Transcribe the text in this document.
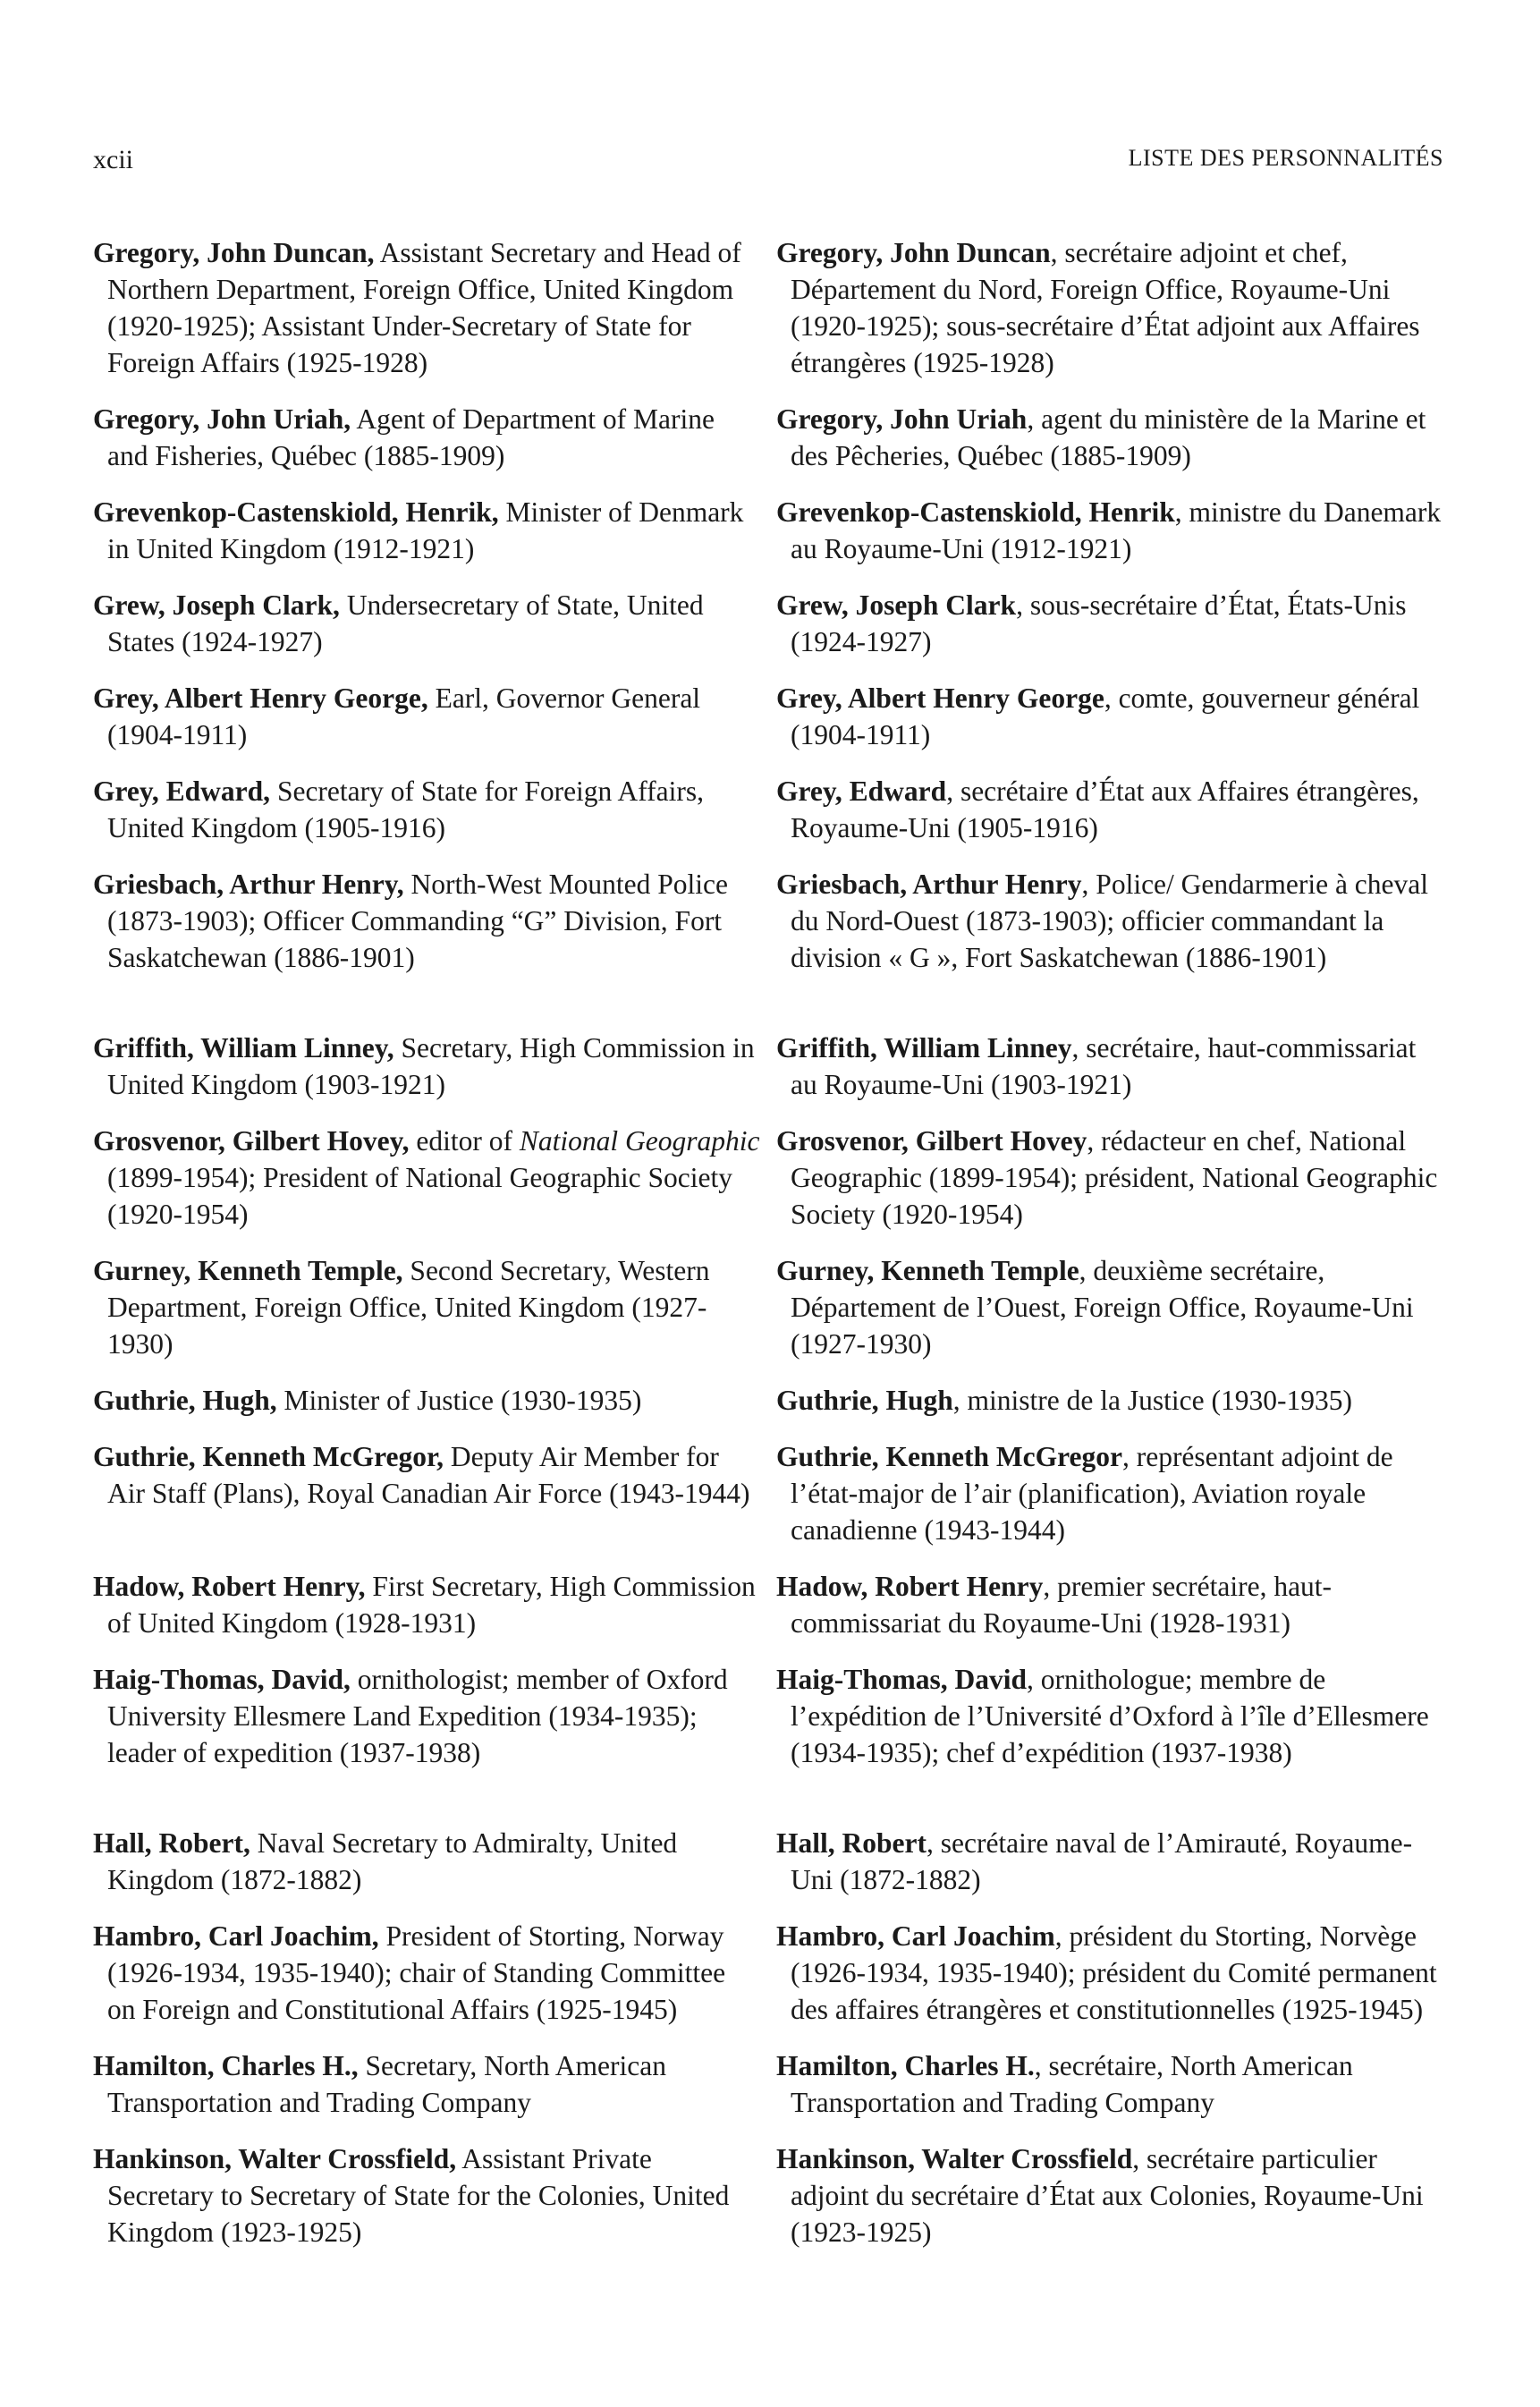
xcii	LISTE DES PERSONNALITÉS
Gregory, John Duncan, Assistant Secretary and Head of Northern Department, Foreign Office, United Kingdom (1920-1925); Assistant Under-Secretary of State for Foreign Affairs (1925-1928)
Gregory, John Duncan, secrétaire adjoint et chef, Département du Nord, Foreign Office, Royaume-Uni (1920-1925); sous-secrétaire d’État adjoint aux Affaires étrangères (1925-1928)
Gregory, John Uriah, Agent of Department of Marine and Fisheries, Québec (1885-1909)
Gregory, John Uriah, agent du ministère de la Marine et des Pêcheries, Québec (1885-1909)
Grevenkop-Castenskiold, Henrik, Minister of Denmark in United Kingdom (1912-1921)
Grevenkop-Castenskiold, Henrik, ministre du Danemark au Royaume-Uni (1912-1921)
Grew, Joseph Clark, Undersecretary of State, United States (1924-1927)
Grew, Joseph Clark, sous-secrétaire d’État, États-Unis (1924-1927)
Grey, Albert Henry George, Earl, Governor General (1904-1911)
Grey, Albert Henry George, comte, gouverneur général (1904-1911)
Grey, Edward, Secretary of State for Foreign Affairs, United Kingdom (1905-1916)
Grey, Edward, secrétaire d’État aux Affaires étrangères, Royaume-Uni (1905-1916)
Griesbach, Arthur Henry, North-West Mounted Police (1873-1903); Officer Commanding “G” Division, Fort Saskatchewan (1886-1901)
Griesbach, Arthur Henry, Police/ Gendarmerie à cheval du Nord-Ouest (1873-1903); officier commandant la division « G », Fort Saskatchewan (1886-1901)
Griffith, William Linney, Secretary, High Commission in United Kingdom (1903-1921)
Griffith, William Linney, secrétaire, haut-commissariat au Royaume-Uni (1903-1921)
Grosvenor, Gilbert Hovey, editor of National Geographic (1899-1954); President of National Geographic Society (1920-1954)
Grosvenor, Gilbert Hovey, rédacteur en chef, National Geographic (1899-1954); président, National Geographic Society (1920-1954)
Gurney, Kenneth Temple, Second Secretary, Western Department, Foreign Office, United Kingdom (1927-1930)
Gurney, Kenneth Temple, deuxième secrétaire, Département de l’Ouest, Foreign Office, Royaume-Uni (1927-1930)
Guthrie, Hugh, Minister of Justice (1930-1935)	Guthrie, Hugh, ministre de la Justice (1930-1935)
Guthrie, Kenneth McGregor, Deputy Air Member for Air Staff (Plans), Royal Canadian Air Force (1943-1944)
Guthrie, Kenneth McGregor, représentant adjoint de l’état-major de l’air (planification), Aviation royale canadienne (1943-1944)
Hadow, Robert Henry, First Secretary, High Commission of United Kingdom (1928-1931)
Hadow, Robert Henry, premier secrétaire, haut-commissariat du Royaume-Uni (1928-1931)
Haig-Thomas, David, ornithologist; member of Oxford University Ellesmere Land Expedition (1934-1935); leader of expedition (1937-1938)
Haig-Thomas, David, ornithologue; membre de l’expédition de l’Université d’Oxford à l’île d’Ellesmere (1934-1935); chef d’expédition (1937-1938)
Hall, Robert, Naval Secretary to Admiralty, United Kingdom (1872-1882)
Hall, Robert, secrétaire naval de l’Amirauté, Royaume-Uni (1872-1882)
Hambro, Carl Joachim, President of Storting, Norway (1926-1934, 1935-1940); chair of Standing Committee on Foreign and Constitutional Affairs (1925-1945)
Hambro, Carl Joachim, président du Storting, Norvège (1926-1934, 1935-1940); président du Comité permanent des affaires étrangères et constitutionnelles (1925-1945)
Hamilton, Charles H., Secretary, North American Transportation and Trading Company
Hamilton, Charles H., secrétaire, North American Transportation and Trading Company
Hankinson, Walter Crossfield, Assistant Private Secretary to Secretary of State for the Colonies, United Kingdom (1923-1925)
Hankinson, Walter Crossfield, secrétaire particulier adjoint du secrétaire d’État aux Colonies, Royaume-Uni (1923-1925)
